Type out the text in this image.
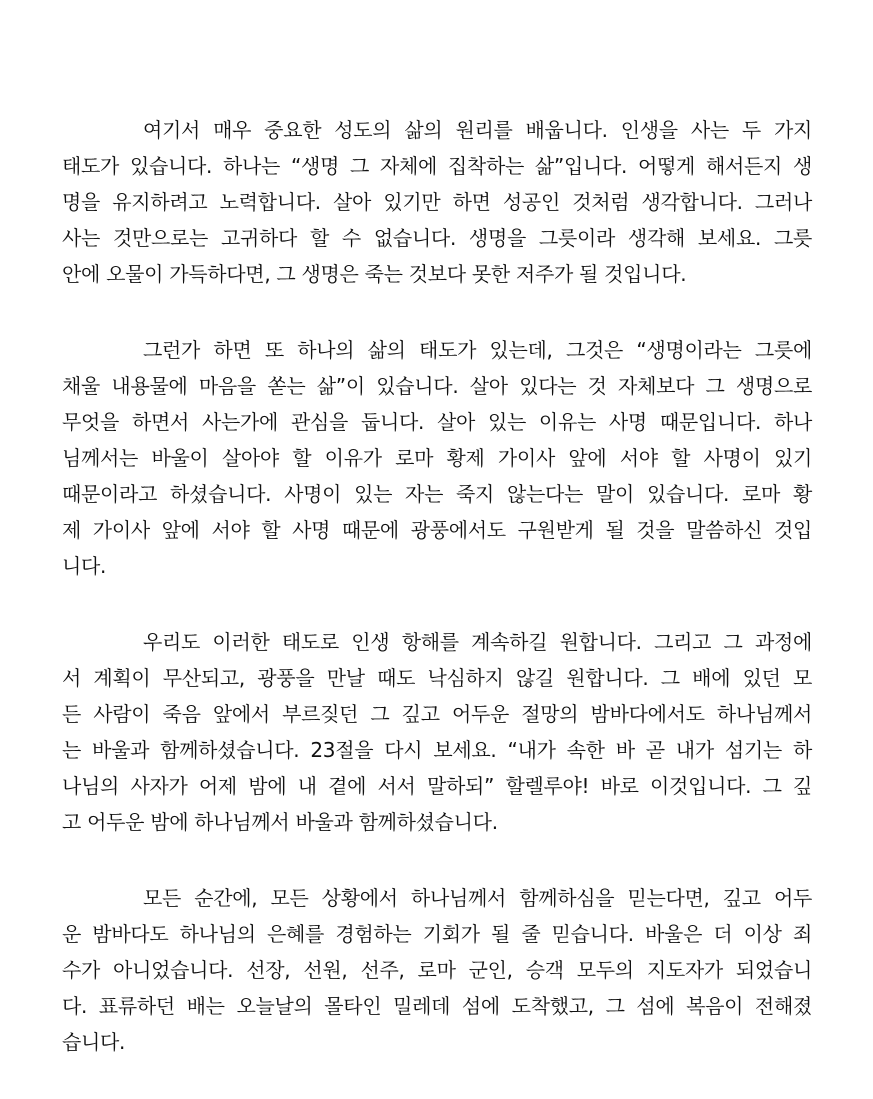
여기서 매우 중요한 성도의 삶의 원리를 배웁니다. 인생을 사는 두 가지
태도가 있습니다. 하나는 “생명 그 자체에 집착하는 삶”입니다. 어떻게 해서든지 생
명을 유지하려고 노력합니다. 살아 있기만 하면 성공인 것처럼 생각합니다. 그러나
사는 것만으로는 고귀하다 할 수 없습니다. 생명을 그릇이라 생각해 보세요. 그릇
안에 오물이 가득하다면, 그 생명은 죽는 것보다 못한 저주가 될 것입니다.
그런가 하면 또 하나의 삶의 태도가 있는데, 그것은 “생명이라는 그릇에
채울 내용물에 마음을 쏟는 삶”이 있습니다. 살아 있다는 것 자체보다 그 생명으로
무엇을 하면서 사는가에 관심을 둡니다. 살아 있는 이유는 사명 때문입니다. 하나
님께서는 바울이 살아야 할 이유가 로마 황제 가이사 앞에 서야 할 사명이 있기
때문이라고 하셨습니다. 사명이 있는 자는 죽지 않는다는 말이 있습니다. 로마 황
제 가이사 앞에 서야 할 사명 때문에 광풍에서도 구원받게 될 것을 말씀하신 것입
니다.
우리도 이러한 태도로 인생 항해를 계속하길 원합니다. 그리고 그 과정에
서 계획이 무산되고, 광풍을 만날 때도 낙심하지 않길 원합니다. 그 배에 있던 모
든 사람이 죽음 앞에서 부르짖던 그 깊고 어두운 절망의 밤바다에서도 하나님께서
는 바울과 함께하셨습니다. 23절을 다시 보세요. “내가 속한 바 곧 내가 섬기는 하
나님의 사자가 어제 밤에 내 곁에 서서 말하되” 할렐루야! 바로 이것입니다. 그 깊
고 어두운 밤에 하나님께서 바울과 함께하셨습니다.
모든 순간에, 모든 상황에서 하나님께서 함께하심을 믿는다면, 깊고 어두
운 밤바다도 하나님의 은혜를 경험하는 기회가 될 줄 믿습니다. 바울은 더 이상 죄
수가 아니었습니다. 선장, 선원, 선주, 로마 군인, 승객 모두의 지도자가 되었습니
다. 표류하던 배는 오늘날의 몰타인 밀레데 섬에 도착했고, 그 섬에 복음이 전해졌
습니다.
